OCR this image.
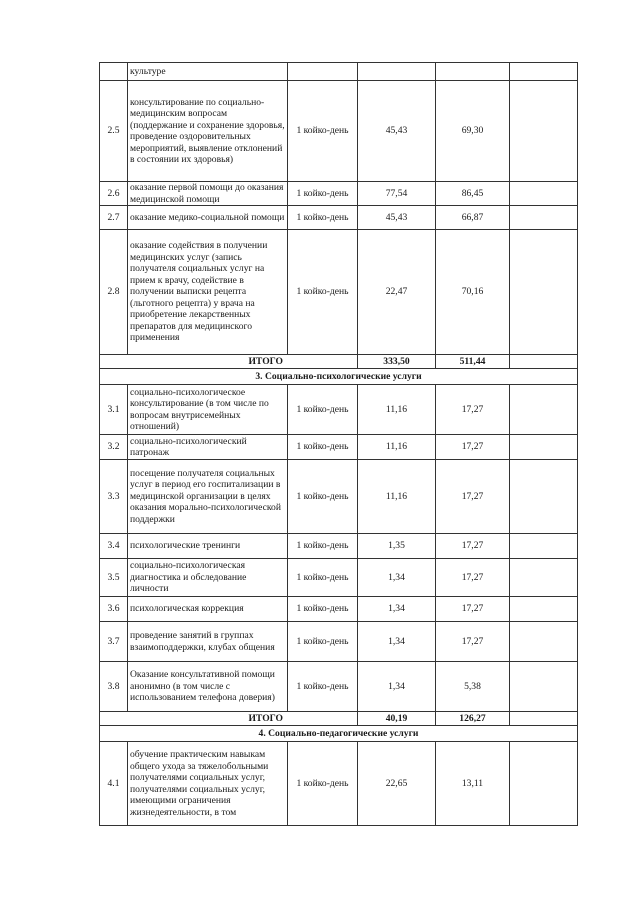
	культуре				
2.5	консультирование по социально-медицинским вопросам (поддержание и сохранение здоровья, проведение оздоровительных мероприятий, выявление отклонений в состоянии их здоровья)	1 койко-день	45,43	69,30	
2.6	оказание первой помощи до оказания медицинской помощи	1 койко-день	77,54	86,45	
2.7	оказание медико-социальной помощи	1 койко-день	45,43	66,87	
2.8	оказание содействия в получении медицинских услуг (запись получателя социальных услуг на прием к врачу, содействие в получении выписки рецепта (льготного рецепта) у врача на приобретение лекарственных препаратов для медицинского применения	1 койко-день	22,47	70,16	
ИТОГО			333,50	511,44	
3. Социально-психологические услуги					
3.1	социально-психологическое консультирование (в том числе по вопросам внутрисемейных отношений)	1 койко-день	11,16	17,27	
3.2	социально-психологический патронаж	1 койко-день	11,16	17,27	
3.3	посещение получателя социальных услуг в период его госпитализации в медицинской организации в целях оказания морально-психологической поддержки	1 койко-день	11,16	17,27	
3.4	психологические тренинги	1 койко-день	1,35	17,27	
3.5	социально-психологическая диагностика и обследование личности	1 койко-день	1,34	17,27	
3.6	психологическая коррекция	1 койко-день	1,34	17,27	
3.7	проведение занятий в группах взаимоподдержки, клубах общения	1 койко-день	1,34	17,27	
3.8	Оказание консультативной помощи анонимно (в том числе с использованием телефона доверия)	1 койко-день	1,34	5,38	
ИТОГО			40,19	126,27	
4. Социально-педагогические услуги					
4.1	обучение практическим навыкам общего ухода за тяжелобольными получателями социальных услуг, получателями социальных услуг, имеющими ограничения жизнедеятельности, в том	1 койко-день	22,65	13,11	
